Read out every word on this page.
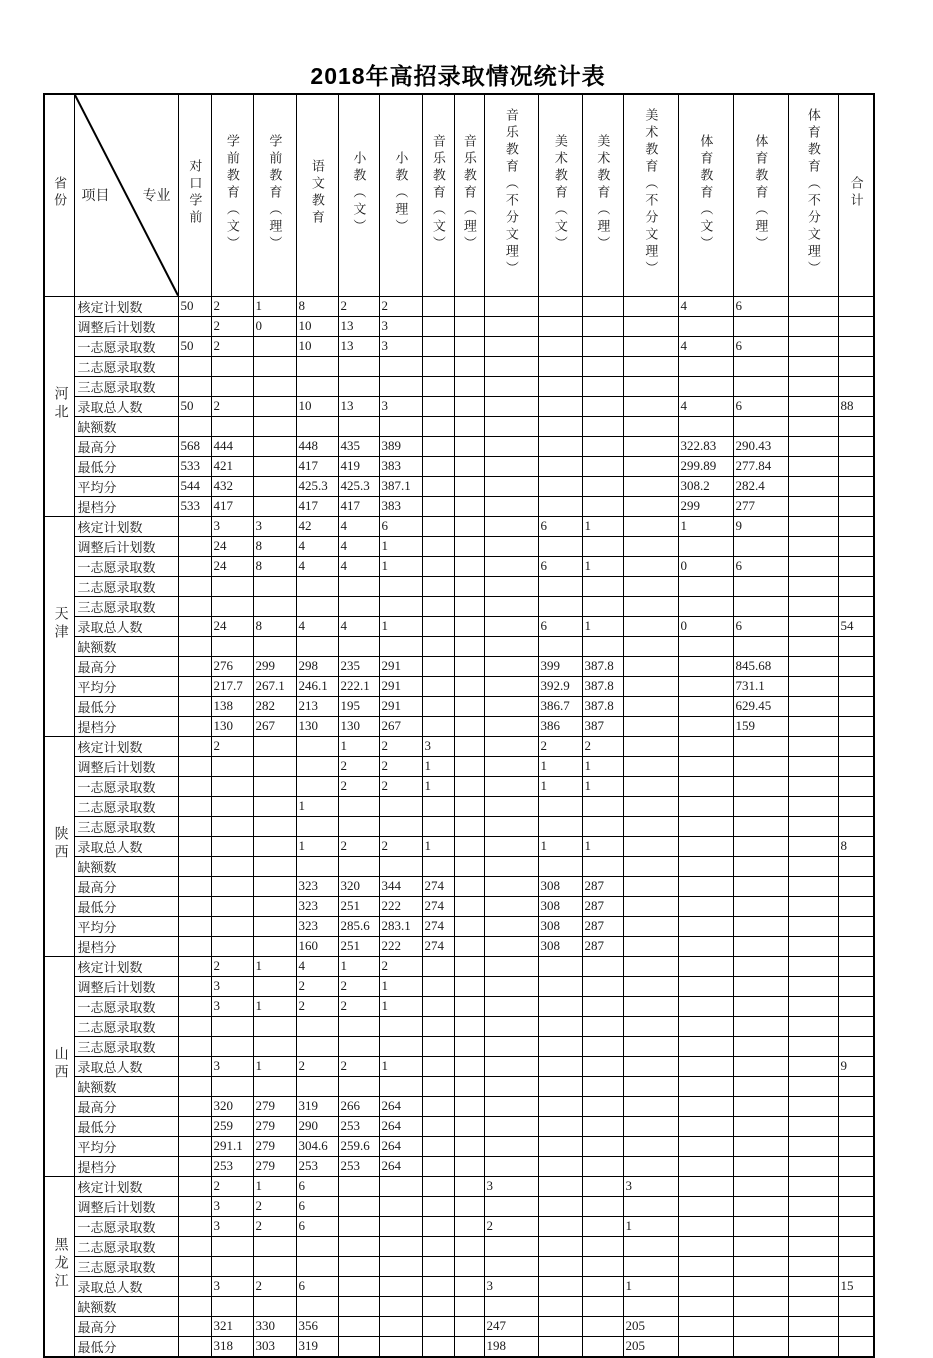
2018年高招录取情况统计表
省份	项目 专业	对口学前	学前教育（文）	学前教育（理）	语文教育	小教（文）	小教（理）	音乐教育（文）	音乐教育（理）	音乐教育（不分文理）	美术教育（文）	美术教育（理）	美术教育（不分文理）	体育教育（文）	体育教育（理）	体育教育（不分文理）	合计
河北	核定计划数	50	2	1	8	2	2							4	6		
	调整后计划数		2	0	10	13	3										
	一志愿录取数	50	2		10	13	3							4	6		
	二志愿录取数																
	三志愿录取数																
	录取总人数	50	2		10	13	3							4	6		88
	缺额数																
	最高分	568	444		448	435	389							322.83	290.43		
	最低分	533	421		417	419	383							299.89	277.84		
	平均分	544	432		425.3	425.3	387.1							308.2	282.4		
	提档分	533	417		417	417	383							299	277		
天津	核定计划数		3	3	42	4	6				6	1		1	9		
	调整后计划数		24	8	4	4	1										
	一志愿录取数		24	8	4	4	1				6	1		0	6		
	二志愿录取数																
	三志愿录取数																
	录取总人数		24	8	4	4	1				6	1		0	6		54
	缺额数																
	最高分		276	299	298	235	291				399	387.8			845.68		
	平均分		217.7	267.1	246.1	222.1	291				392.9	387.8			731.1		
	最低分		138	282	213	195	291				386.7	387.8			629.45		
	提档分		130	267	130	130	267				386	387			159		
陕西	核定计划数		2			1	2	3			2	2					
	调整后计划数					2	2	1			1	1					
	一志愿录取数					2	2	1			1	1					
	二志愿录取数				1												
	三志愿录取数																
	录取总人数				1	2	2	1			1	1					8
	缺额数																
	最高分				323	320	344	274			308	287					
	最低分				323	251	222	274			308	287					
	平均分				323	285.6	283.1	274			308	287					
	提档分				160	251	222	274			308	287					
山西	核定计划数		2	1	4	1	2										
	调整后计划数		3		2	2	1										
	一志愿录取数		3	1	2	2	1										
	二志愿录取数																
	三志愿录取数																
	录取总人数		3	1	2	2	1										9
	缺额数																
	最高分		320	279	319	266	264										
	最低分		259	279	290	253	264										
	平均分		291.1	279	304.6	259.6	264										
	提档分		253	279	253	253	264										
黑龙江	核定计划数		2	1	6					3			3				
	调整后计划数		3	2	6												
	一志愿录取数		3	2	6					2			1				
	二志愿录取数																
	三志愿录取数																
	录取总人数		3	2	6					3			1				15
	缺额数																
	最高分		321	330	356					247			205				
	最低分		318	303	319					198			205				
